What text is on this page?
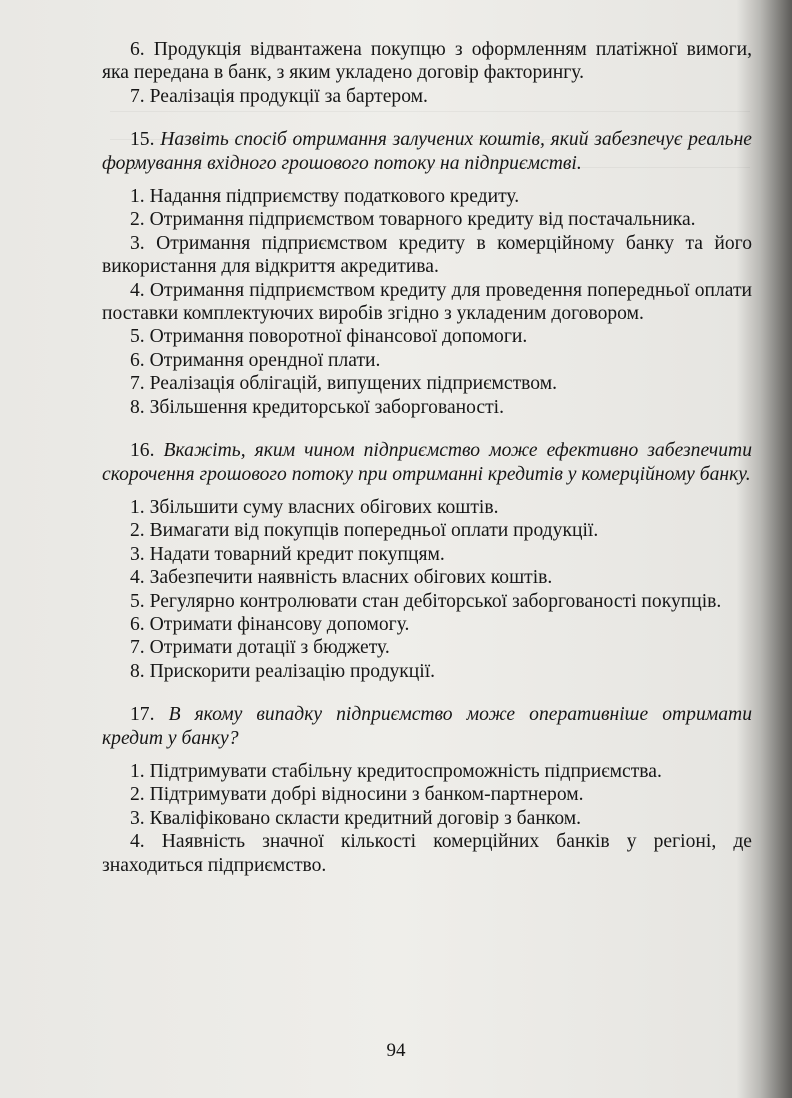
6. Продукція відвантажена покупцю з оформленням платіжної вимоги, яка передана в банк, з яким укладено договір факторингу.

7. Реалізація продукції за бартером.

15. Назвіть спосіб отримання залучених коштів, який забезпечує реальне формування вхідного грошового потоку на підприємстві.

1. Надання підприємству податкового кредиту.

2. Отримання підприємством товарного кредиту від постачальника.

3. Отримання підприємством кредиту в комерційному банку та його використання для відкриття акредитива.

4. Отримання підприємством кредиту для проведення попередньої оплати поставки комплектуючих виробів згідно з укладеним договором.

5. Отримання поворотної фінансової допомоги.

6. Отримання орендної плати.

7. Реалізація облігацій, випущених підприємством.

8. Збільшення кредиторської заборгованості.

16. Вкажіть, яким чином підприємство може ефективно забезпечити скорочення грошового потоку при отриманні кредитів у комерційному банку.

1. Збільшити суму власних обігових коштів.

2. Вимагати від покупців попередньої оплати продукції.

3. Надати товарний кредит покупцям.

4. Забезпечити наявність власних обігових коштів.

5. Регулярно контролювати стан дебіторської заборгованості покупців.

6. Отримати фінансову допомогу.

7. Отримати дотації з бюджету.

8. Прискорити реалізацію продукції.

17. В якому випадку підприємство може оперативніше отримати кредит у банку?

1. Підтримувати стабільну кредитоспроможність підприємства.

2. Підтримувати добрі відносини з банком-партнером.

3. Кваліфіковано скласти кредитний договір з банком.

4. Наявність значної кількості комерційних банків у регіоні, де знаходиться підприємство.

94
